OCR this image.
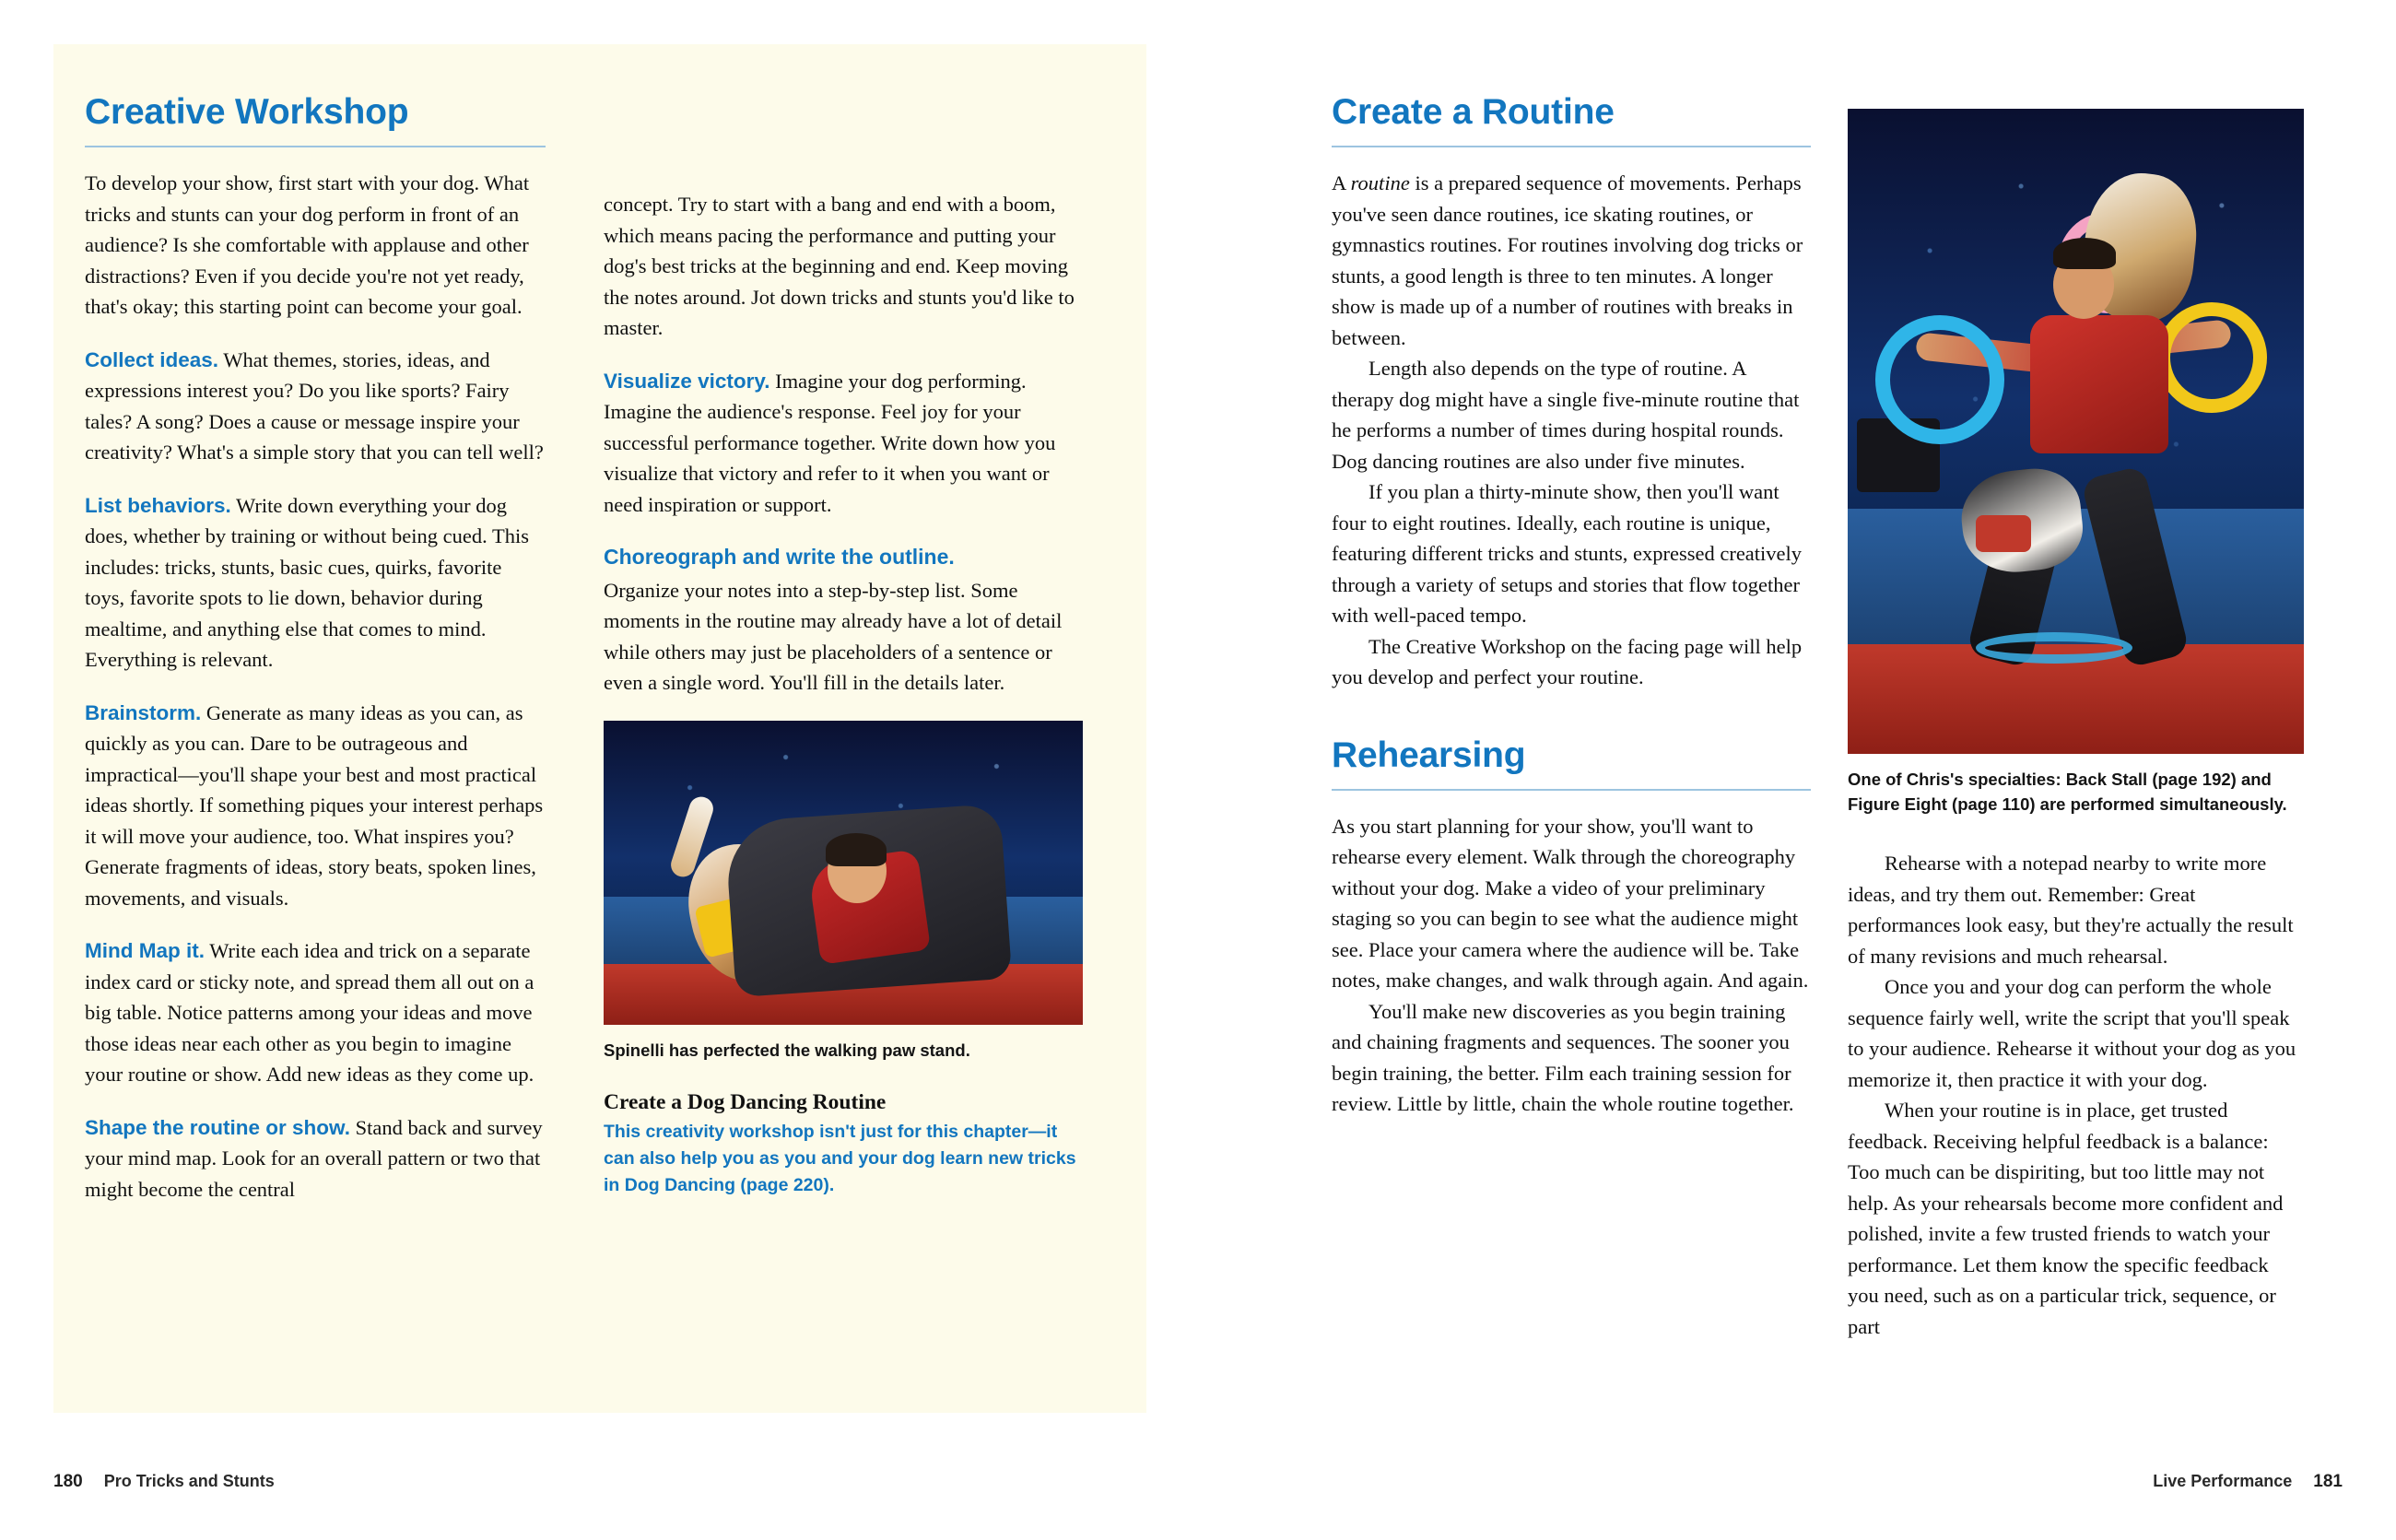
Creative Workshop

To develop your show, first start with your dog. What tricks and stunts can your dog perform in front of an audience? Is she comfortable with applause and other distractions? Even if you decide you're not yet ready, that's okay; this starting point can become your goal.

Collect ideas. What themes, stories, ideas, and expressions interest you? Do you like sports? Fairy tales? A song? Does a cause or message inspire your creativity? What's a simple story that you can tell well?

List behaviors. Write down everything your dog does, whether by training or without being cued. This includes: tricks, stunts, basic cues, quirks, favorite toys, favorite spots to lie down, behavior during mealtime, and anything else that comes to mind. Everything is relevant.

Brainstorm. Generate as many ideas as you can, as quickly as you can. Dare to be outrageous and impractical—you'll shape your best and most practical ideas shortly. If something piques your interest perhaps it will move your audience, too. What inspires you? Generate fragments of ideas, story beats, spoken lines, movements, and visuals.

Mind Map it. Write each idea and trick on a separate index card or sticky note, and spread them all out on a big table. Notice patterns among your ideas and move those ideas near each other as you begin to imagine your routine or show. Add new ideas as they come up.

Shape the routine or show. Stand back and survey your mind map. Look for an overall pattern or two that might become the central

concept. Try to start with a bang and end with a boom, which means pacing the performance and putting your dog's best tricks at the beginning and end. Keep moving the notes around. Jot down tricks and stunts you'd like to master.

Visualize victory. Imagine your dog performing. Imagine the audience's response. Feel joy for your successful performance together. Write down how you visualize that victory and refer to it when you want or need inspiration or support.

Choreograph and write the outline.
Organize your notes into a step-by-step list. Some moments in the routine may already have a lot of detail while others may just be placeholders of a sentence or even a single word. You'll fill in the details later.

Spinelli has perfected the walking paw stand.

Create a Dog Dancing Routine

This creativity workshop isn't just for this chapter—it can also help you as you and your dog learn new tricks in Dog Dancing (page 220).

180 Pro Tricks and Stunts
Create a Routine

A routine is a prepared sequence of movements. Perhaps you've seen dance routines, ice skating routines, or gymnastics routines. For routines involving dog tricks or stunts, a good length is three to ten minutes. A longer show is made up of a number of routines with breaks in between.

Length also depends on the type of routine. A therapy dog might have a single five-minute routine that he performs a number of times during hospital rounds. Dog dancing routines are also under five minutes.

If you plan a thirty-minute show, then you'll want four to eight routines. Ideally, each routine is unique, featuring different tricks and stunts, expressed creatively through a variety of setups and stories that flow together with well-paced tempo.

The Creative Workshop on the facing page will help you develop and perfect your routine.

Rehearsing

As you start planning for your show, you'll want to rehearse every element. Walk through the choreography without your dog. Make a video of your preliminary staging so you can begin to see what the audience might see. Place your camera where the audience will be. Take notes, make changes, and walk through again. And again.

You'll make new discoveries as you begin training and chaining fragments and sequences. The sooner you begin training, the better. Film each training session for review. Little by little, chain the whole routine together.

One of Chris's specialties: Back Stall (page 192) and Figure Eight (page 110) are performed simultaneously.

Rehearse with a notepad nearby to write more ideas, and try them out. Remember: Great performances look easy, but they're actually the result of many revisions and much rehearsal.

Once you and your dog can perform the whole sequence fairly well, write the script that you'll speak to your audience. Rehearse it without your dog as you memorize it, then practice it with your dog.

When your routine is in place, get trusted feedback. Receiving helpful feedback is a balance: Too much can be dispiriting, but too little may not help. As your rehearsals become more confident and polished, invite a few trusted friends to watch your performance. Let them know the specific feedback you need, such as on a particular trick, sequence, or part

Live Performance 181
